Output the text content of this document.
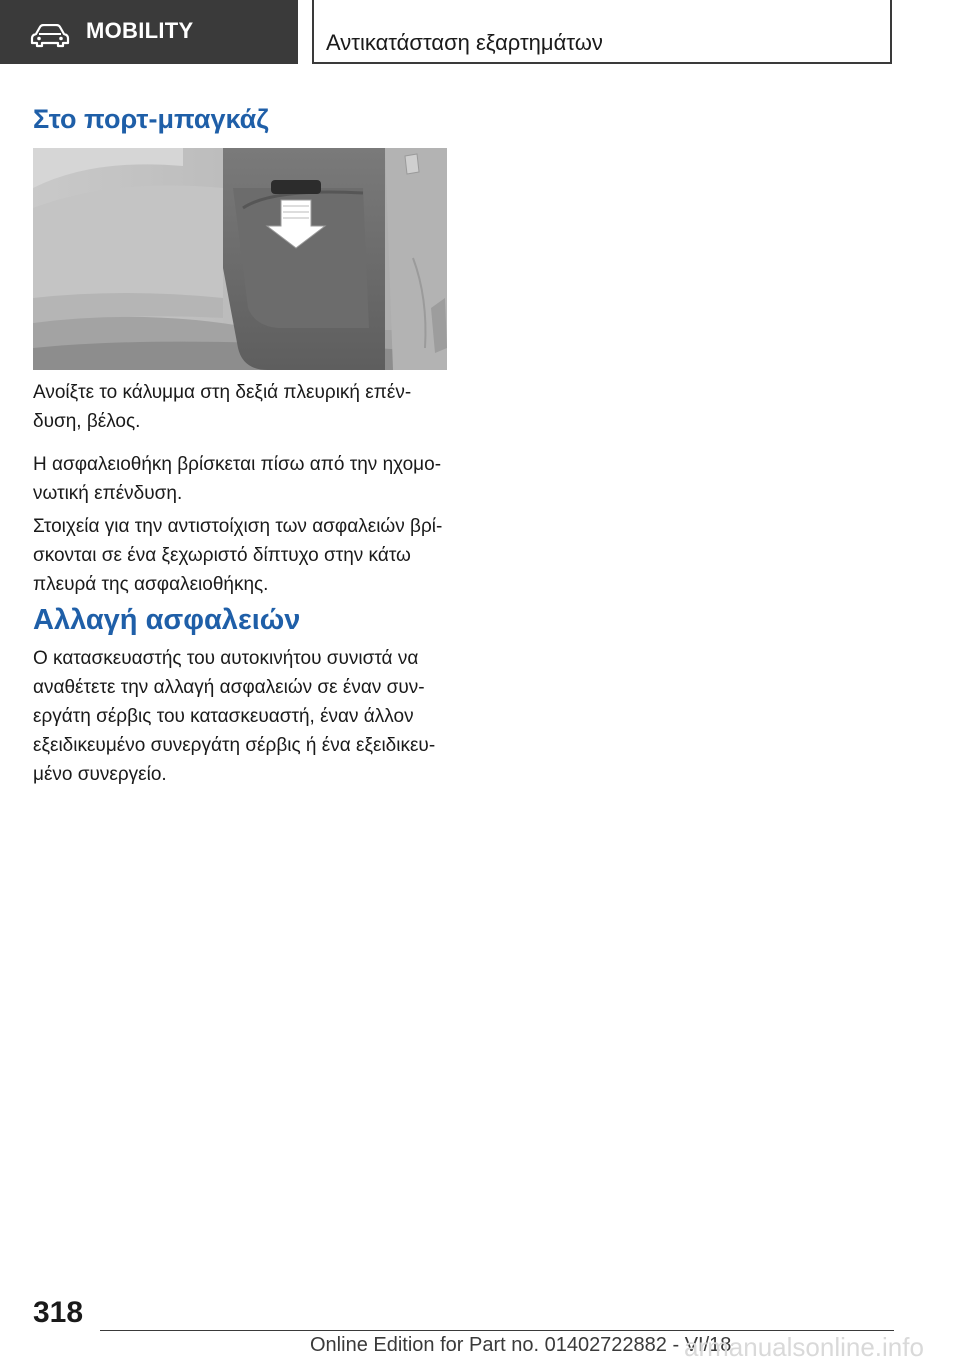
MOBILITY	Αντικατάσταση εξαρτημάτων
Στο πορτ-μπαγκάζ

Ανοίξτε το κάλυμμα στη δεξιά πλευρική επέν-
δυση, βέλος.

Η ασφαλειοθήκη βρίσκεται πίσω από την ηχομο-
νωτική επένδυση.

Στοιχεία για την αντιστοίχιση των ασφαλειών βρί-
σκονται σε ένα ξεχωριστό δίπτυχο στην κάτω
πλευρά της ασφαλειοθήκης.

Αλλαγή ασφαλειών

Ο κατασκευαστής του αυτοκινήτου συνιστά να
αναθέτετε την αλλαγή ασφαλειών σε έναν συν-
εργάτη σέρβις του κατασκευαστή, έναν άλλον
εξειδικευμένο συνεργάτη σέρβις ή ένα εξειδικευ-
μένο συνεργείο.

318
Online Edition for Part no. 01402722882 - VI/18
armanualsonline.info
